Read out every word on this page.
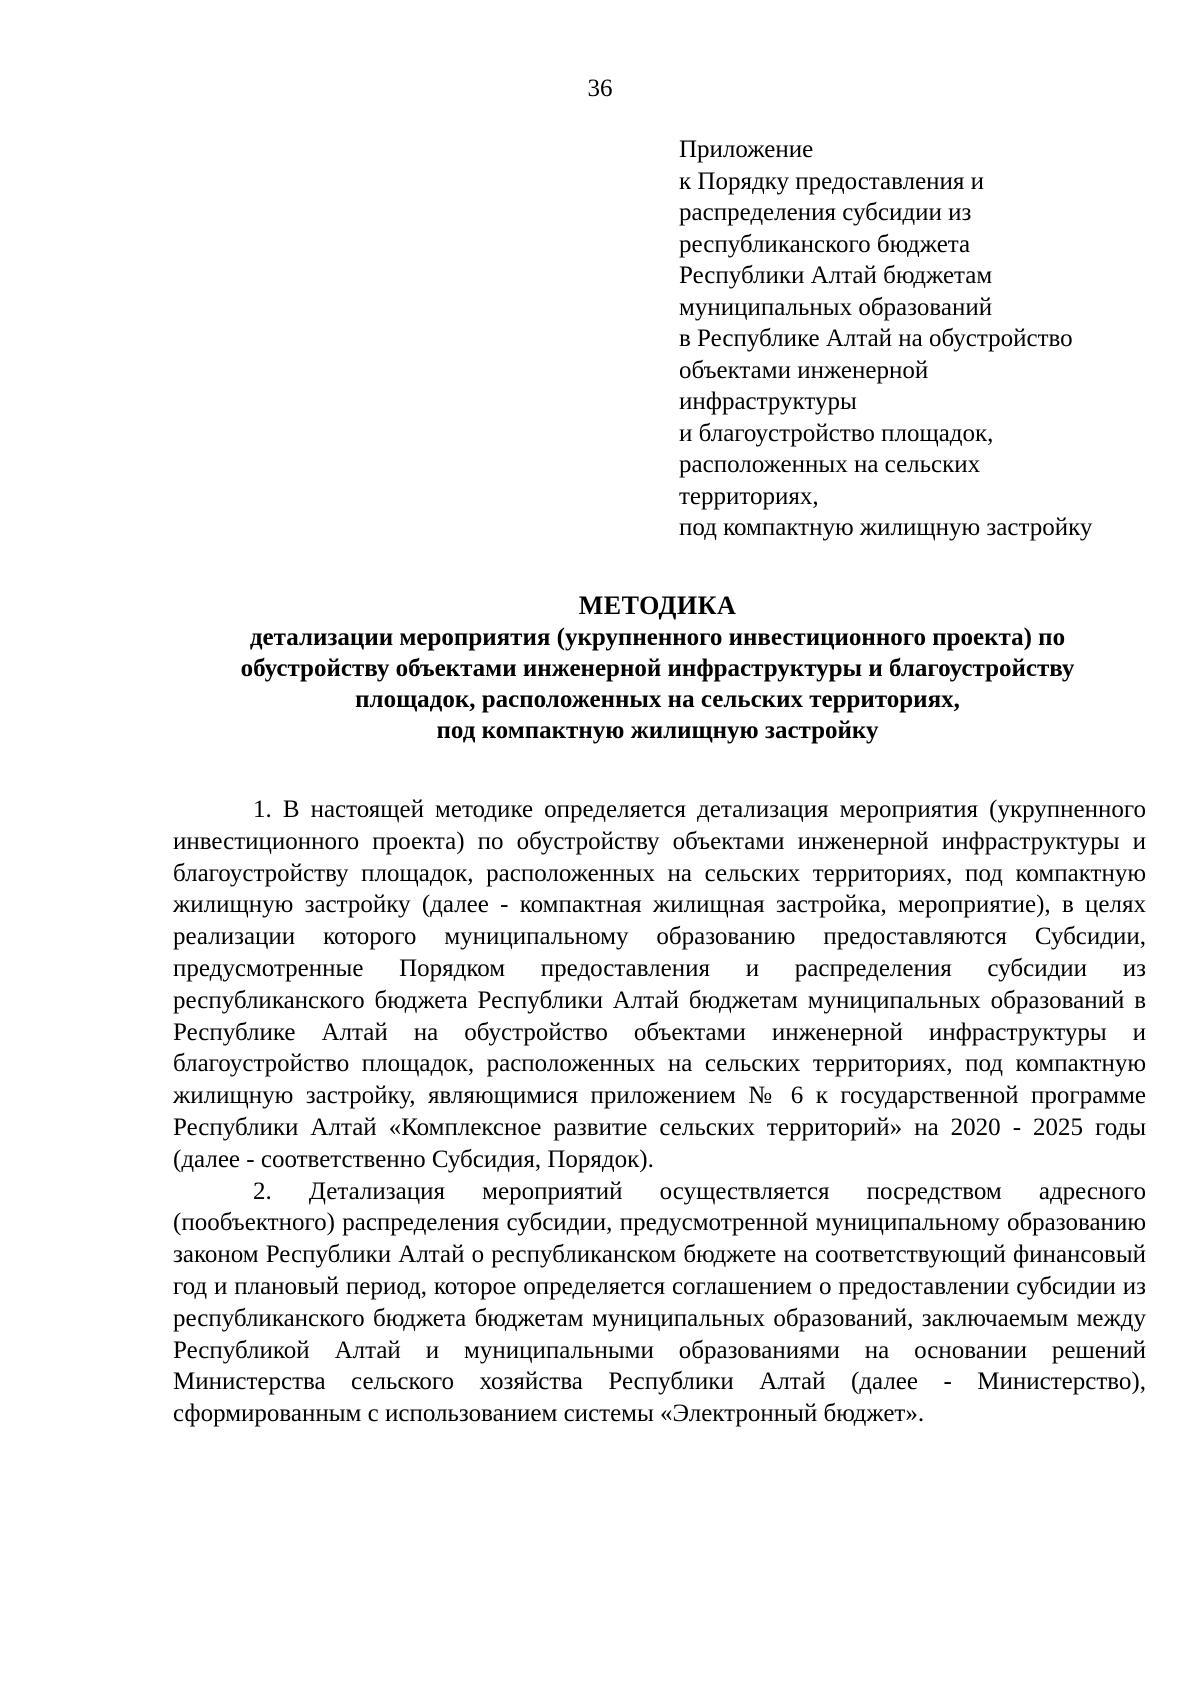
36
Приложение
к Порядку предоставления и
распределения субсидии из
республиканского бюджета
Республики Алтай бюджетам
муниципальных образований
в Республике Алтай на обустройство
объектами инженерной
инфраструктуры
и благоустройство площадок,
расположенных на сельских
территориях,
под компактную жилищную застройку
МЕТОДИКА
детализации мероприятия (укрупненного инвестиционного проекта) по
обустройству объектами инженерной инфраструктуры и благоустройству
площадок, расположенных на сельских территориях,
под компактную жилищную застройку

1. В настоящей методике определяется детализация мероприятия (укрупненного инвестиционного проекта) по обустройству объектами инженерной инфраструктуры и благоустройству площадок, расположенных на сельских территориях, под компактную жилищную застройку (далее - компактная жилищная застройка, мероприятие), в целях реализации которого муниципальному образованию предоставляются Субсидии, предусмотренные Порядком предоставления и распределения субсидии из республиканского бюджета Республики Алтай бюджетам муниципальных образований в Республике Алтай на обустройство объектами инженерной инфраструктуры и благоустройство площадок, расположенных на сельских территориях, под компактную жилищную застройку, являющимися приложением № 6 к государственной программе Республики Алтай «Комплексное развитие сельских территорий» на 2020 - 2025 годы (далее - соответственно Субсидия, Порядок).

2. Детализация мероприятий осуществляется посредством адресного (пообъектного) распределения субсидии, предусмотренной муниципальному образованию законом Республики Алтай о республиканском бюджете на соответствующий финансовый год и плановый период, которое определяется соглашением о предоставлении субсидии из республиканского бюджета бюджетам муниципальных образований, заключаемым между Республикой Алтай и муниципальными образованиями на основании решений Министерства сельского хозяйства Республики Алтай (далее - Министерство), сформированным с использованием системы «Электронный бюджет».
